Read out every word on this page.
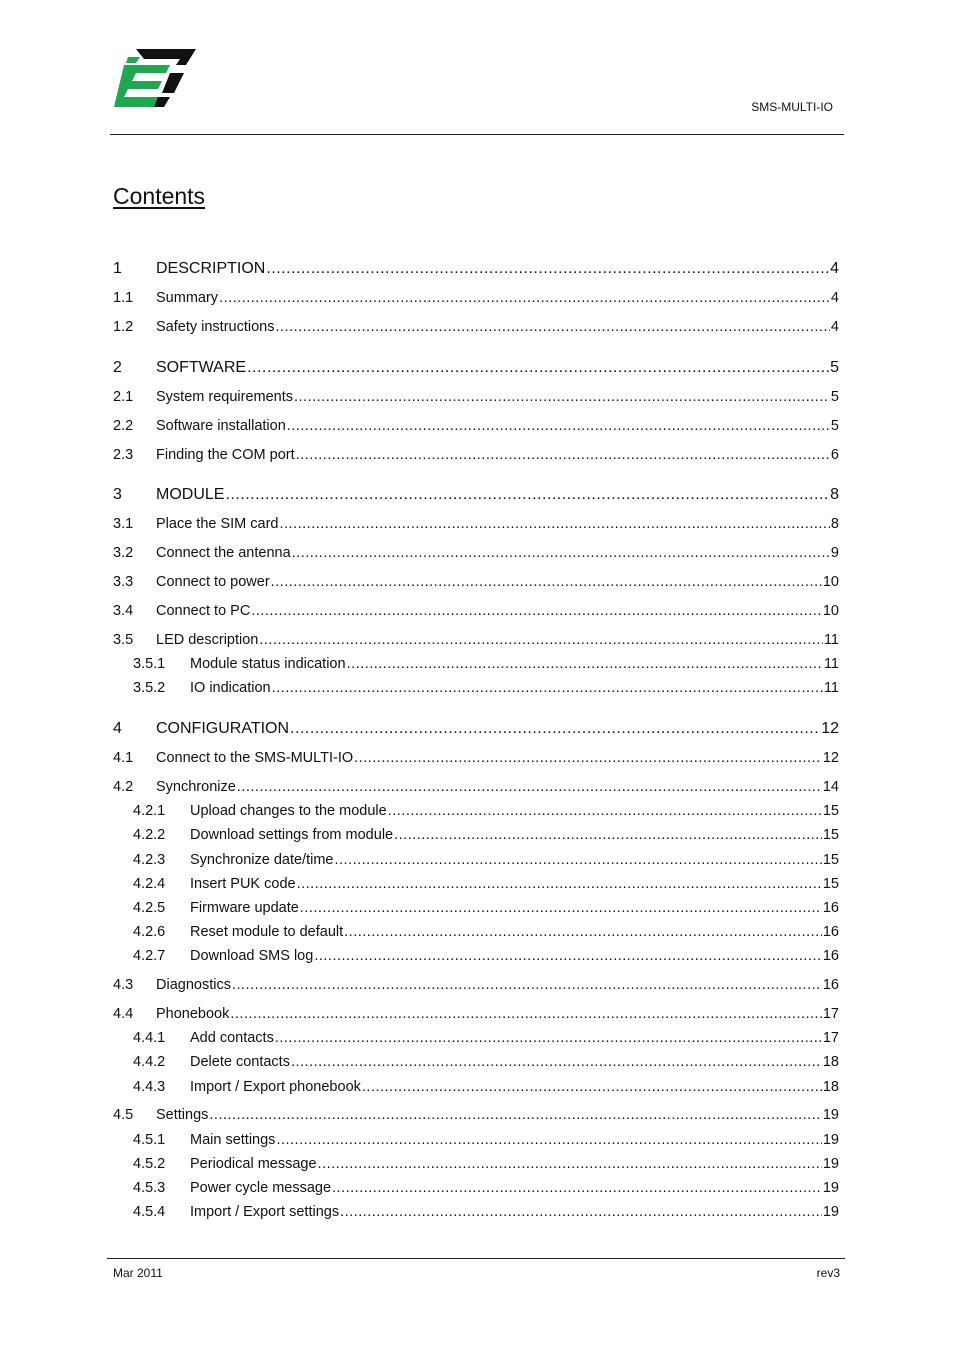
SMS-MULTI-IO
Contents
1	DESCRIPTION .....	4
1.1	Summary .....	4
1.2	Safety instructions .....	4
2	SOFTWARE .....	5
2.1	System requirements .....	5
2.2	Software installation .....	5
2.3	Finding the COM port .....	6
3	MODULE .....	8
3.1	Place the SIM card .....	8
3.2	Connect the antenna .....	9
3.3	Connect to power .....	10
3.4	Connect to PC .....	10
3.5	LED description .....	11
3.5.1	Module status indication .....	11
3.5.2	IO indication .....	11
4	CONFIGURATION .....	12
4.1	Connect to the SMS-MULTI-IO .....	12
4.2	Synchronize .....	14
4.2.1	Upload changes to the module .....	15
4.2.2	Download settings from module .....	15
4.2.3	Synchronize date/time .....	15
4.2.4	Insert PUK code .....	15
4.2.5	Firmware update .....	16
4.2.6	Reset module to default .....	16
4.2.7	Download SMS log .....	16
4.3	Diagnostics .....	16
4.4	Phonebook .....	17
4.4.1	Add contacts .....	17
4.4.2	Delete contacts .....	18
4.4.3	Import / Export phonebook .....	18
4.5	Settings .....	19
4.5.1	Main settings .....	19
4.5.2	Periodical message .....	19
4.5.3	Power cycle message .....	19
4.5.4	Import / Export settings .....	19
Mar 2011	rev3
